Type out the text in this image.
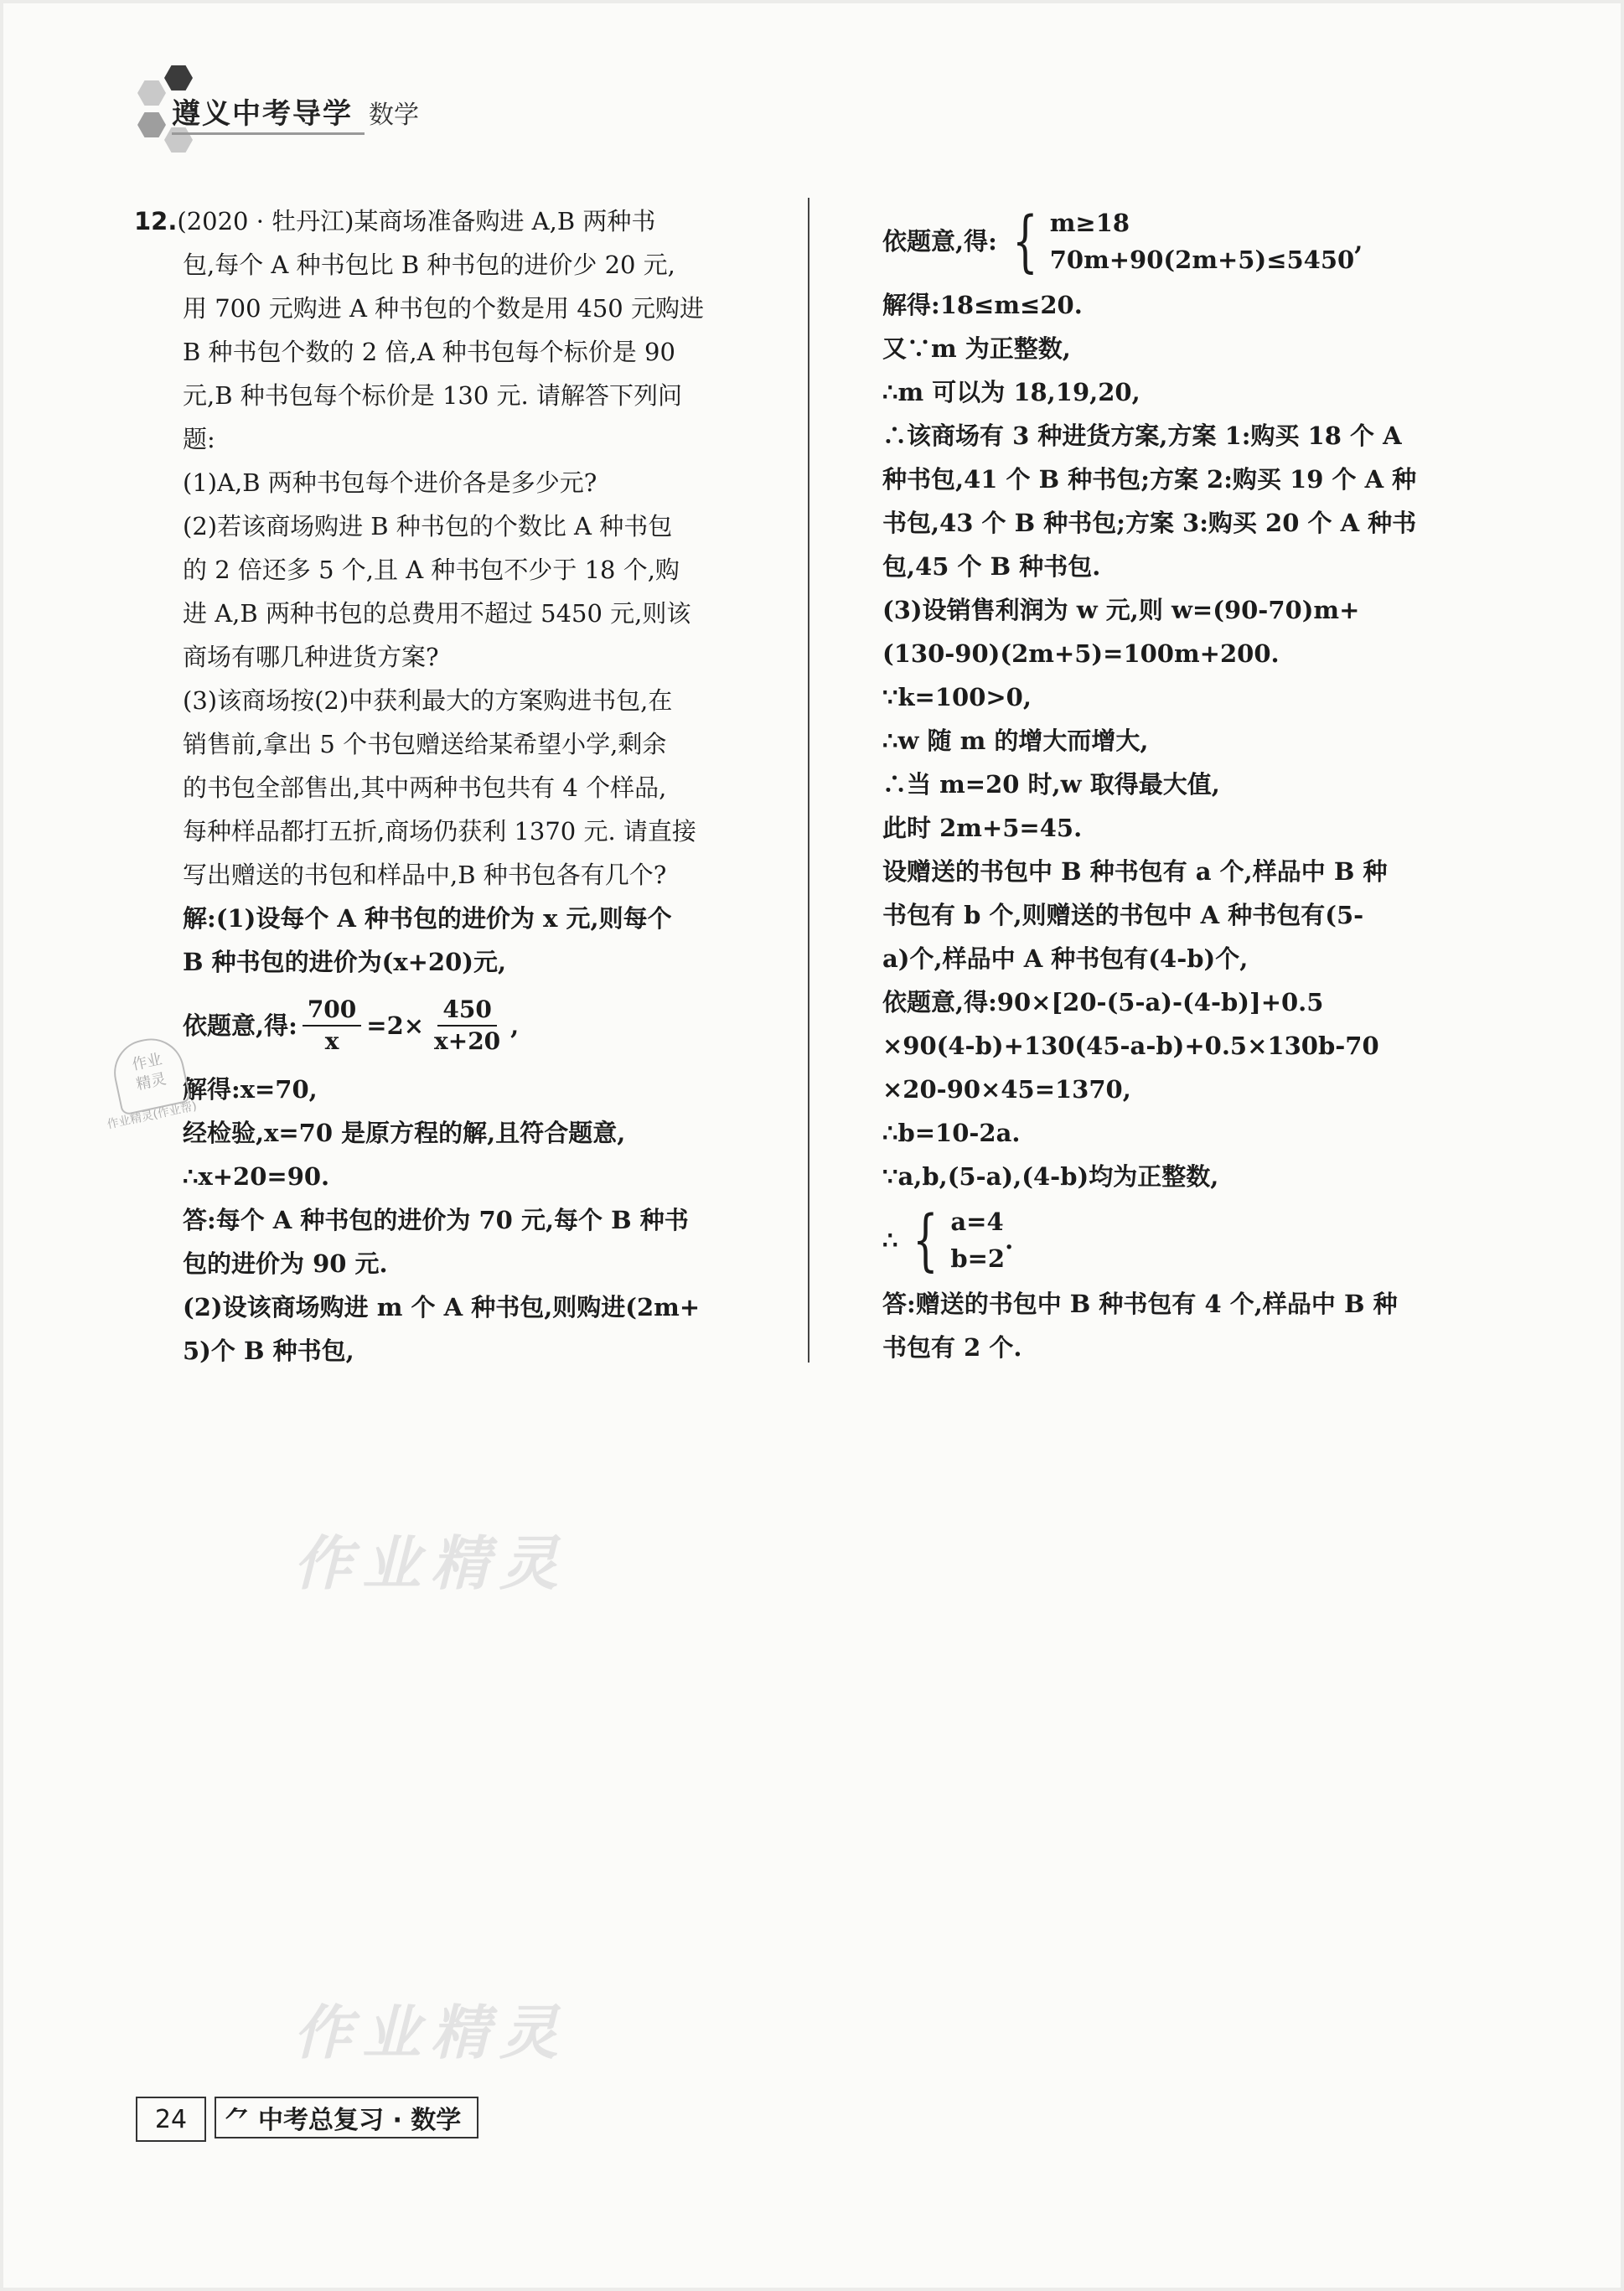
遵义中考导学 数学
12.(2020 · 牡丹江)某商场准备购进 A,B 两种书
包,每个 A 种书包比 B 种书包的进价少 20 元,
用 700 元购进 A 种书包的个数是用 450 元购进
B 种书包个数的 2 倍,A 种书包每个标价是 90
元,B 种书包每个标价是 130 元. 请解答下列问
题:
(1)A,B 两种书包每个进价各是多少元?
(2)若该商场购进 B 种书包的个数比 A 种书包
的 2 倍还多 5 个,且 A 种书包不少于 18 个,购
进 A,B 两种书包的总费用不超过 5450 元,则该
商场有哪几种进货方案?
(3)该商场按(2)中获利最大的方案购进书包,在
销售前,拿出 5 个书包赠送给某希望小学,剩余
的书包全部售出,其中两种书包共有 4 个样品,
每种样品都打五折,商场仍获利 1370 元. 请直接
写出赠送的书包和样品中,B 种书包各有几个?
解:(1)设每个 A 种书包的进价为 x 元,则每个
B 种书包的进价为(x+20)元,
依题意,得: $\frac{700}{x} =2\times \frac{450}{x+20}$ ,
解得:x=70,
经检验,x=70 是原方程的解,且符合题意,
∴x+20=90.
答:每个 A 种书包的进价为 70 元,每个 B 种书
包的进价为 90 元.
(2)设该商场购进 m 个 A 种书包,则购进(2m+
5)个 B 种书包,
依题意,得: { m≥18
70m+90(2m+5)≤5450
,
解得:18≤m≤20.
又∵m 为正整数,
∴m 可以为 18,19,20,
∴该商场有 3 种进货方案,方案 1:购买 18 个 A
种书包,41 个 B 种书包;方案 2:购买 19 个 A 种
书包,43 个 B 种书包;方案 3:购买 20 个 A 种书
包,45 个 B 种书包.
(3)设销售利润为 w 元,则 w=(90-70)m+
(130-90)(2m+5)=100m+200.
∵k=100>0,
∴w 随 m 的增大而增大,
∴当 m=20 时,w 取得最大值,
此时 2m+5=45.
设赠送的书包中 B 种书包有 a 个,样品中 B 种
书包有 b 个,则赠送的书包中 A 种书包有(5-
a)个,样品中 A 种书包有(4-b)个,
依题意,得:90×[20-(5-a)-(4-b)]+0.5
×90(4-b)+130(45-a-b)+0.5×130b-70
×20-90×45=1370,
∴b=10-2a.
∵a,b,(5-a),(4-b)均为正整数,
∴ { a=4
b=2
.
答:赠送的书包中 B 种书包有 4 个,样品中 B 种
书包有 2 个.
作业
精灵
作业精灵(作业帮)
作业精灵
作业精灵
24	⺈ 中考总复习 · 数学
